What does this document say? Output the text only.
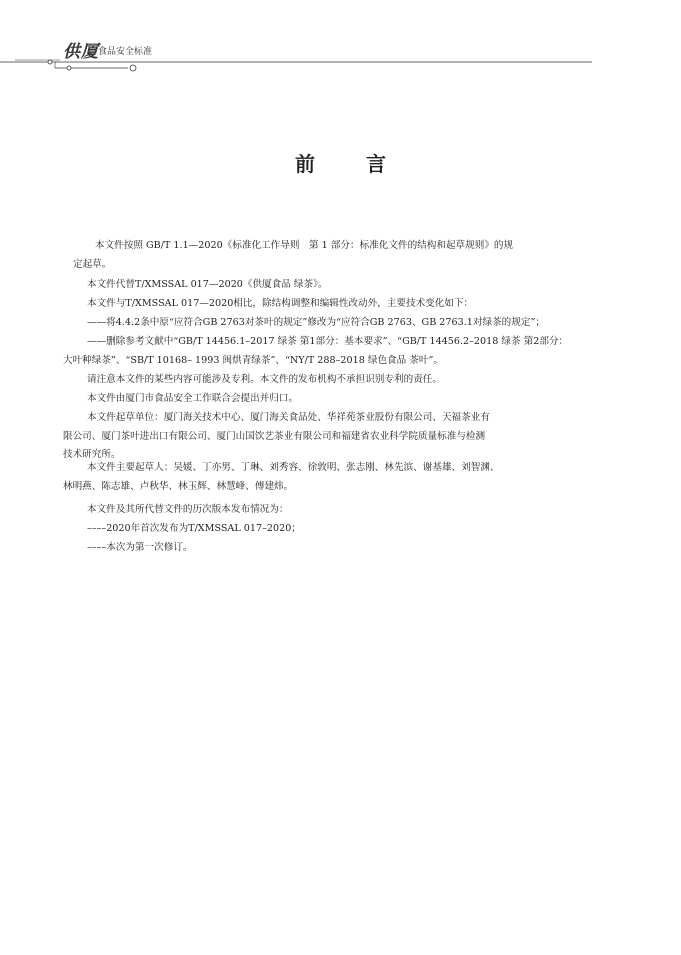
供厦 食品安全标准
前 言
本文件按照 GB/T 1.1—2020《标准化工作导则　第 1 部分：标准化文件的结构和起草规则》的规
定起草。
本文件代替T/XMSSAL 017—2020《供厦食品 绿茶》。
本文件与T/XMSSAL 017—2020相比，除结构调整和编辑性改动外，主要技术变化如下：
——将4.4.2条中原“应符合GB 2763对茶叶的规定”修改为“应符合GB 2763、GB 2763.1对绿茶的规定”；
——删除参考文献中“GB/T 14456.1–2017 绿茶 第1部分：基本要求”、“GB/T 14456.2–2018 绿茶 第2部分：
大叶种绿茶”、“SB/T 10168– 1993 闽烘青绿茶”、“NY/T 288–2018 绿色食品 茶叶”。
请注意本文件的某些内容可能涉及专利。本文件的发布机构不承担识别专利的责任。
本文件由厦门市食品安全工作联合会提出并归口。
本文件起草单位：厦门海关技术中心、厦门海关食品处、华祥苑茶业股份有限公司、天福茶业有
限公司、厦门茶叶进出口有限公司、厦门山国饮艺茶业有限公司和福建省农业科学院质量标准与检测
技术研究所。
本文件主要起草人：吴媛、丁亦男、丁琳、刘秀容、徐敦明、张志刚、林先滨、谢基雄、刘智渊、
林明燕、陈志雄、卢秋华、林玉辉、林慧峰、傅建炜。
本文件及其所代替文件的历次版本发布情况为：
––––2020年首次发布为T/XMSSAL 017–2020；
––––本次为第一次修订。
